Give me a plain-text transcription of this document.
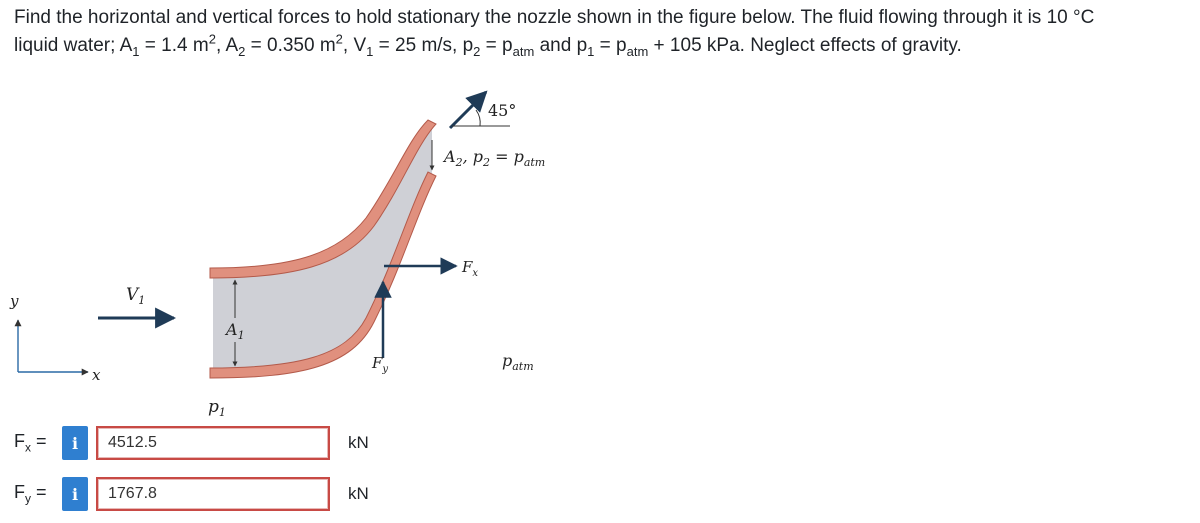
Find the horizontal and vertical forces to hold stationary the nozzle shown in the figure below. The fluid flowing through it is 10 °C
liquid water; $A_1 = 1.4$ $m^2$, $A_2 = 0.350$ $m^2$, $V_1 = 25$ m/s, $p_2 = p_{atm}$ and $p_1 = p_{atm} + 105$ kPa. Neglect effects of gravity.

$A_1$
y
x
$V_1$
$p_1$
45°
$A_2$, $p_2 = p_{atm}$
$F_x$
$F_y$	$p_{atm}$
$F_x$ =	i	4512.5	kN
$F_y$ =	i	1767.8	kN
